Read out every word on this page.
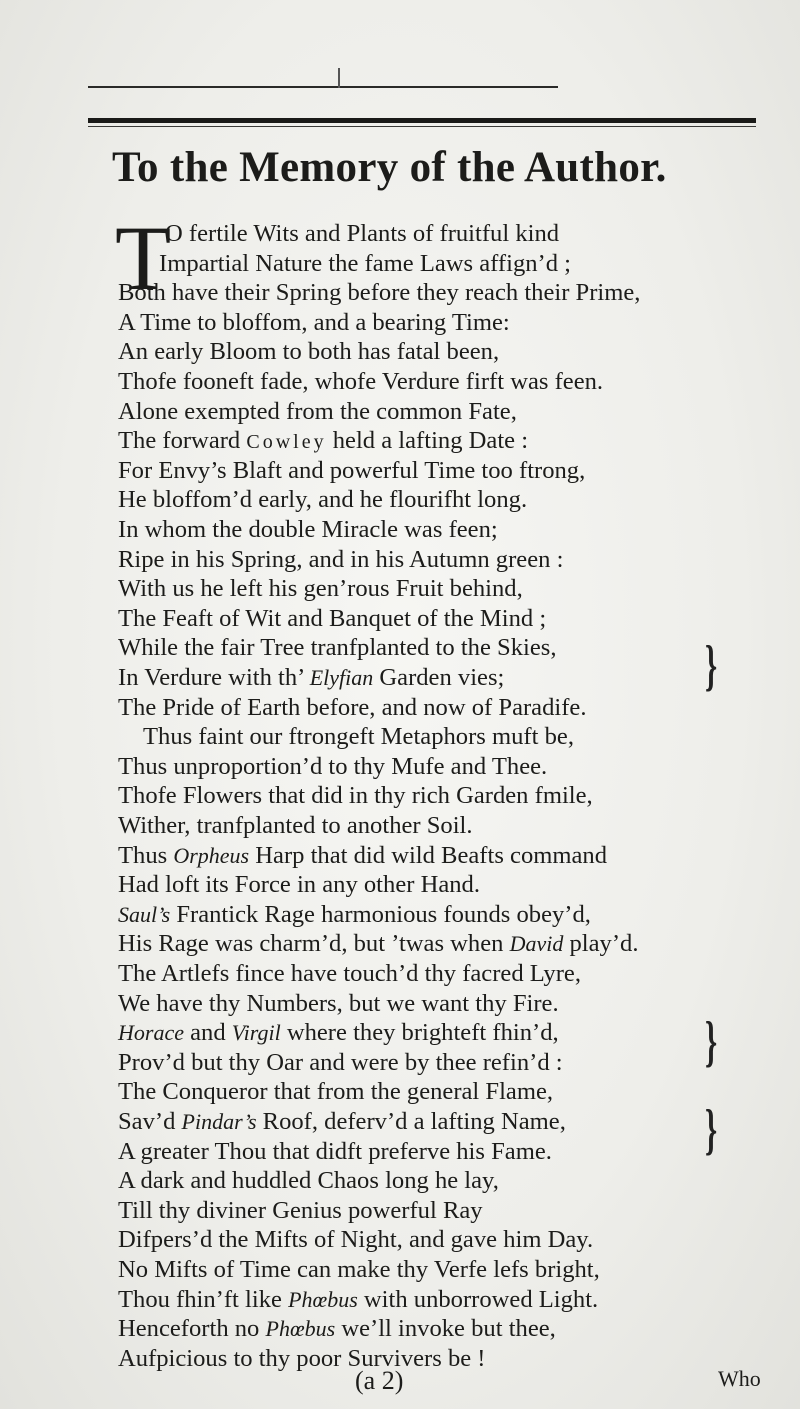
To the Memory of the Author.
T
O fertile Wits and Plants of fruitful kind
Impartial Nature the fame Laws affign’d ;
Both have their Spring before they reach their Prime,
A Time to bloffom, and a bearing Time:
An early Bloom to both has fatal been,
Thofe fooneft fade, whofe Verdure firft was feen.
Alone exempted from the common Fate,
The forward Cowley held a lafting Date :
For Envy’s Blaft and powerful Time too ftrong,
He bloffom’d early, and he flourifht long.
In whom the double Miracle was feen;
Ripe in his Spring, and in his Autumn green :
With us he left his gen’rous Fruit behind,
The Feaft of Wit and Banquet of the Mind ;
While the fair Tree tranfplanted to the Skies,
In Verdure with th’ Elyfian Garden vies;
The Pride of Earth before, and now of Paradife.
Thus faint our ftrongeft Metaphors muft be,
Thus unproportion’d to thy Mufe and Thee.
Thofe Flowers that did in thy rich Garden fmile,
Wither, tranfplanted to another Soil.
Thus Orpheus Harp that did wild Beafts command
Had loft its Force in any other Hand.
Saul’s Frantick Rage harmonious founds obey’d,
His Rage was charm’d, but ’twas when David play’d.
The Artlefs fince have touch’d thy facred Lyre,
We have thy Numbers, but we want thy Fire.
Horace and Virgil where they brighteft fhin’d,
Prov’d but thy Oar and were by thee refin’d :
The Conqueror that from the general Flame,
Sav’d Pindar’s Roof, deferv’d a lafting Name,
A greater Thou that didft preferve his Fame.
A dark and huddled Chaos long he lay,
Till thy diviner Genius powerful Ray
Difpers’d the Mifts of Night, and gave him Day.
No Mifts of Time can make thy Verfe lefs bright,
Thou fhin’ft like Phœbus with unborrowed Light.
Henceforth no Phœbus we’ll invoke but thee,
Aufpicious to thy poor Survivers be !
}
}
}
(a 2)	Who
